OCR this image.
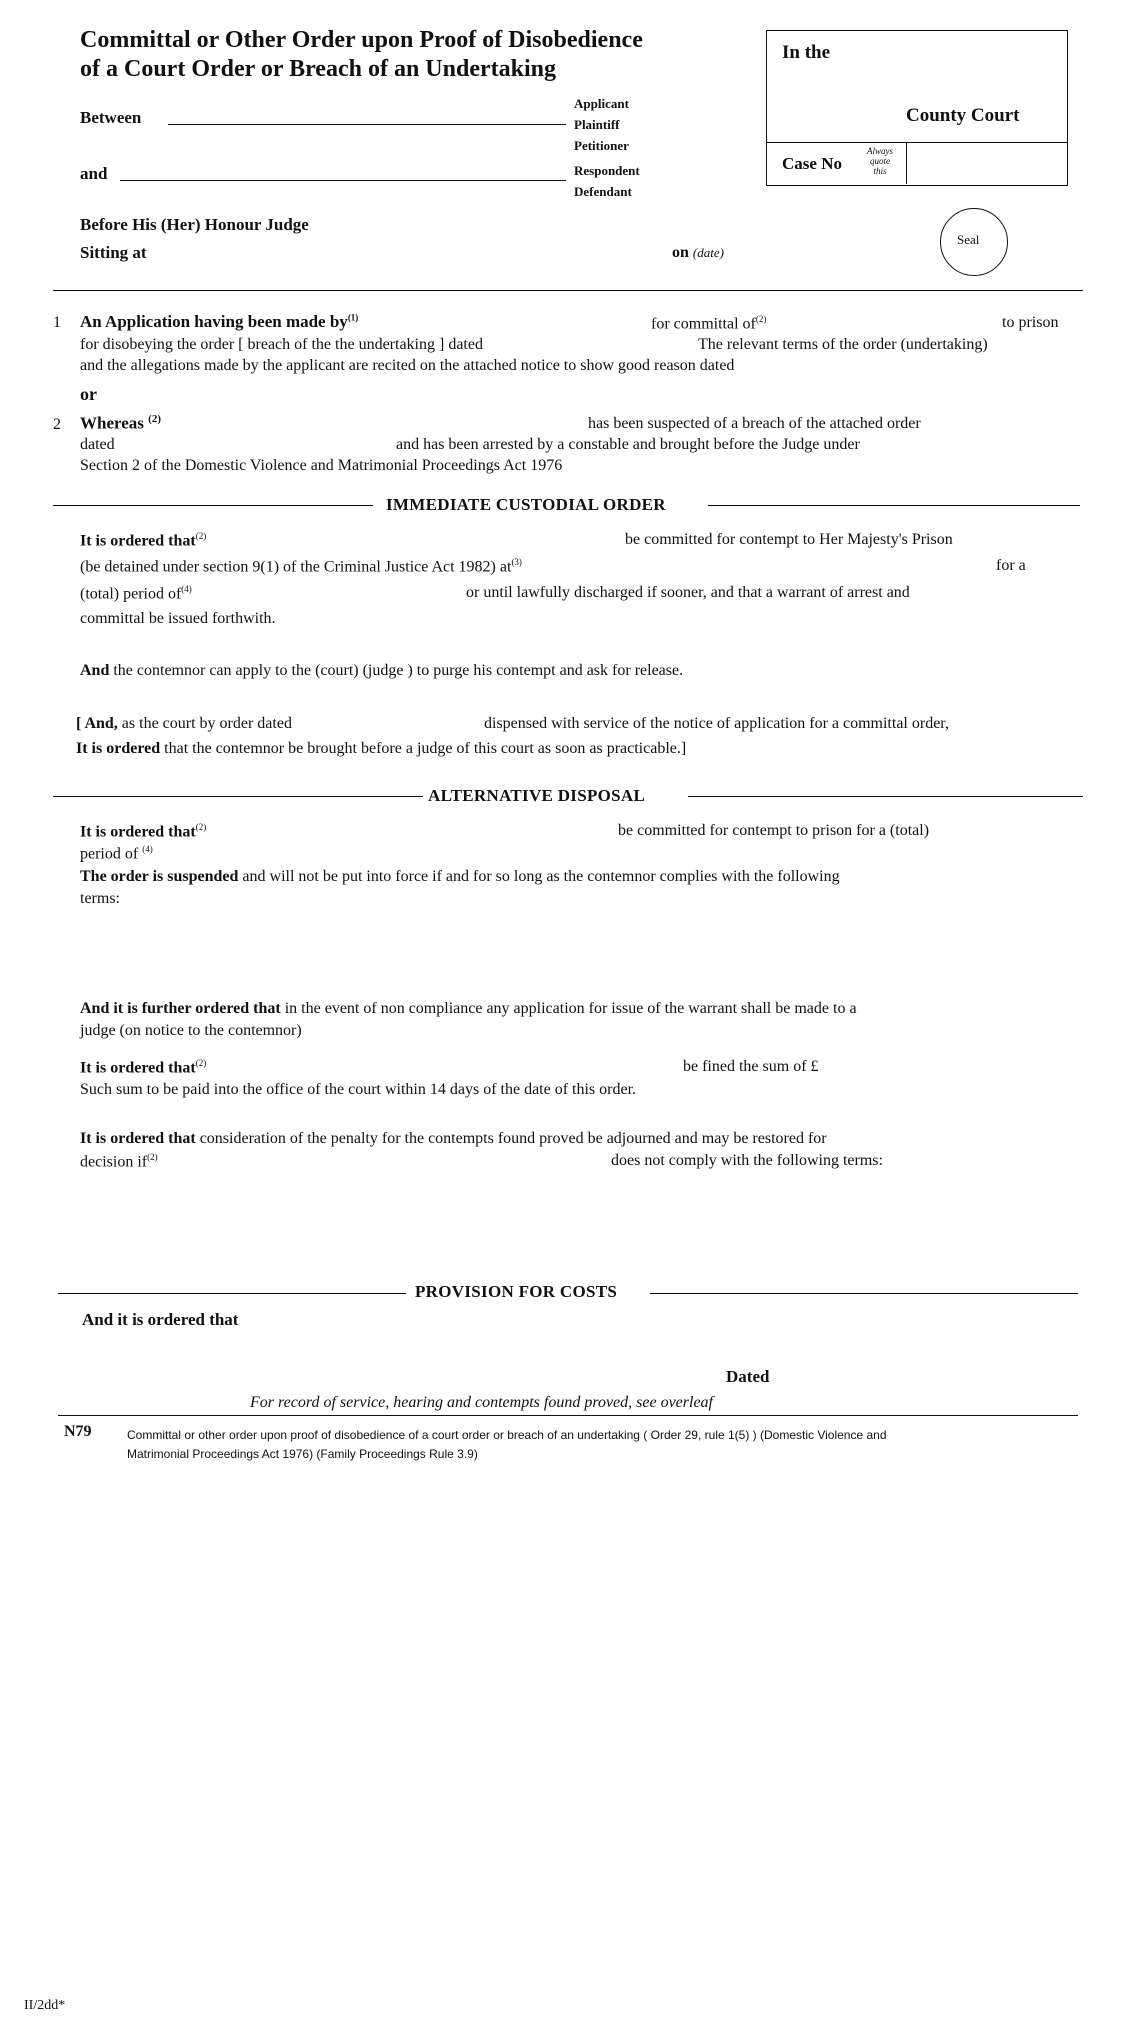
Committal or Other Order upon Proof of Disobedience
of a Court Order or Breach of an Undertaking
Between
Applicant
Plaintiff
Petitioner
and	Respondent
Defendant
Before His (Her) Honour Judge
Sitting at	on (date)
In the
County Court
Case No
Always
quote
this
Seal
1 An Application having been made $by^{(1)}$	for committal $of^{(2)}$	to prison
for disobeying the order [ breach of the the undertaking ] dated	The relevant terms of the order (undertaking)
and the allegations made by the applicant are recited on the attached notice to show good reason dated
or
2 Whereas $^{(2)}$	has been suspected of a breach of the attached order
dated	and has been arrested by a constable and brought before the Judge under
Section 2 of the Domestic Violence and Matrimonial Proceedings Act 1976
IMMEDIATE CUSTODIAL ORDER
It is ordered that$^{(2)}$	be committed for contempt to Her Majesty's Prison
(be detained under section 9(1) of the Criminal Justice Act 1982) $at^{(3)}$	for a
(total) period $of^{(4)}$	or until lawfully discharged if sooner, and that a warrant of arrest and
committal be issued forthwith.
And the contemnor can apply to the (court) (judge ) to purge his contempt and ask for release.
[ And, as the court by order dated	dispensed with service of the notice of application for a committal order,
It is ordered that the contemnor be brought before a judge of this court as soon as practicable.]
ALTERNATIVE DISPOSAL
It is ordered that$^{(2)}$	be committed for contempt to prison for a (total)
period of $^{(4)}$
The order is suspended and will not be put into force if and for so long as the contemnor complies with the following
terms:
And it is further ordered that in the event of non compliance any application for issue of the warrant shall be made to a
judge (on notice to the contemnor)
It is ordered that$^{(2)}$	be fined the sum of £
Such sum to be paid into the office of the court within 14 days of the date of this order.
It is ordered that consideration of the penalty for the contempts found proved be adjourned and may be restored for
decision $if^{(2)}$	does not comply with the following terms:
PROVISION FOR COSTS
And it is ordered that
Dated
For record of service, hearing and contempts found proved, see overleaf
N79	Committal or other order upon proof of disobedience of a court order or breach of an undertaking ( Order 29, rule 1(5) ) (Domestic Violence and
Matrimonial Proceedings Act 1976) (Family Proceedings Rule 3.9)
II/2dd*
